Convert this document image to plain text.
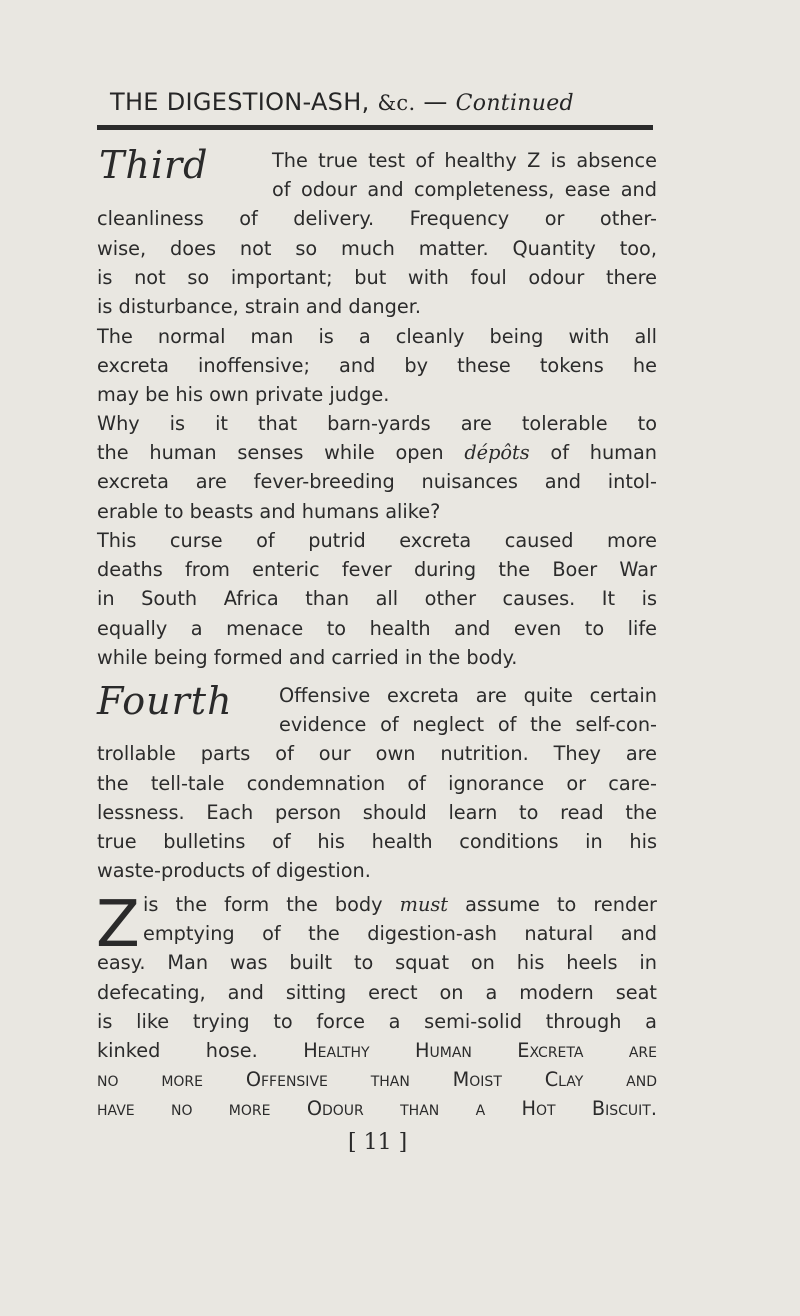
THE DIGESTION-ASH, &c. — Continued
Third	The true test of healthy Z is absence
of odour and completeness, ease and
cleanliness of delivery. Frequency or other-
wise, does not so much matter. Quantity too,
is not so important; but with foul odour there
is disturbance, strain and danger.
The normal man is a cleanly being with all
excreta inoffensive; and by these tokens he
may be his own private judge.
Why is it that barn-yards are tolerable to
the human senses while open dépôts of human
excreta are fever-breeding nuisances and intol-
erable to beasts and humans alike?
This curse of putrid excreta caused more
deaths from enteric fever during the Boer War
in South Africa than all other causes. It is
equally a menace to health and even to life
while being formed and carried in the body.
Fourth Offensive excreta are quite certain
evidence of neglect of the self-con-
trollable parts of our own nutrition. They are
the tell-tale condemnation of ignorance or care-
lessness. Each person should learn to read the
true bulletins of his health conditions in his
waste-products of digestion.
Z is the form the body must assume to render
emptying of the digestion-ash natural and
easy. Man was built to squat on his heels in
defecating, and sitting erect on a modern seat
is like trying to force a semi-solid through a
kinked hose. Healthy Human Excreta are
no more Offensive than Moist Clay and
have no more Odour than a Hot Biscuit.
[ 11 ]
